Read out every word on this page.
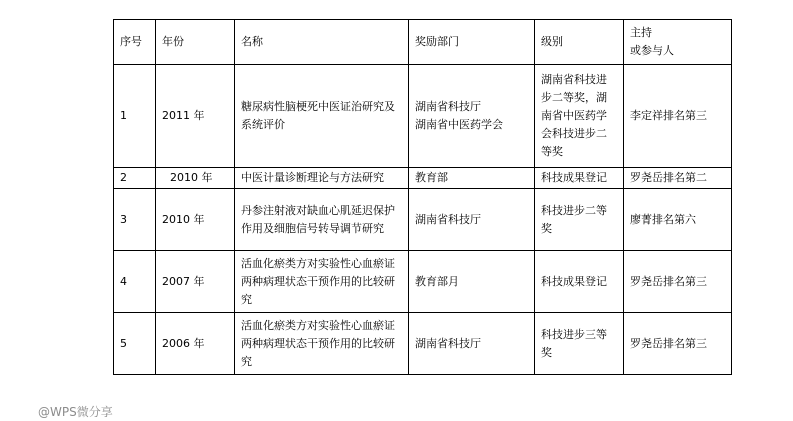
序号	年份	名称	奖励部门	级别	主持
或参与人

1	2011 年	糖尿病性脑梗死中医证治研究及系统评价	湖南省科技厅
湖南省中医药学会	湖南省科技进步二等奖，湖南省中医药学会科技进步二等奖	李定祥排名第三
2	2010 年	中医计量诊断理论与方法研究	教育部	科技成果登记	罗尧岳排名第二
3	2010 年	丹参注射液对缺血心肌延迟保护作用及细胞信号转导调节研究	湖南省科技厅	科技进步二等奖	廖菁排名第六
4	2007 年	活血化瘀类方对实验性心血瘀证两种病理状态干预作用的比较研究	教育部月	科技成果登记	罗尧岳排名第三
5	2006 年	活血化瘀类方对实验性心血瘀证两种病理状态干预作用的比较研究	湖南省科技厅	科技进步三等奖	罗尧岳排名第三
@WPS微分享
